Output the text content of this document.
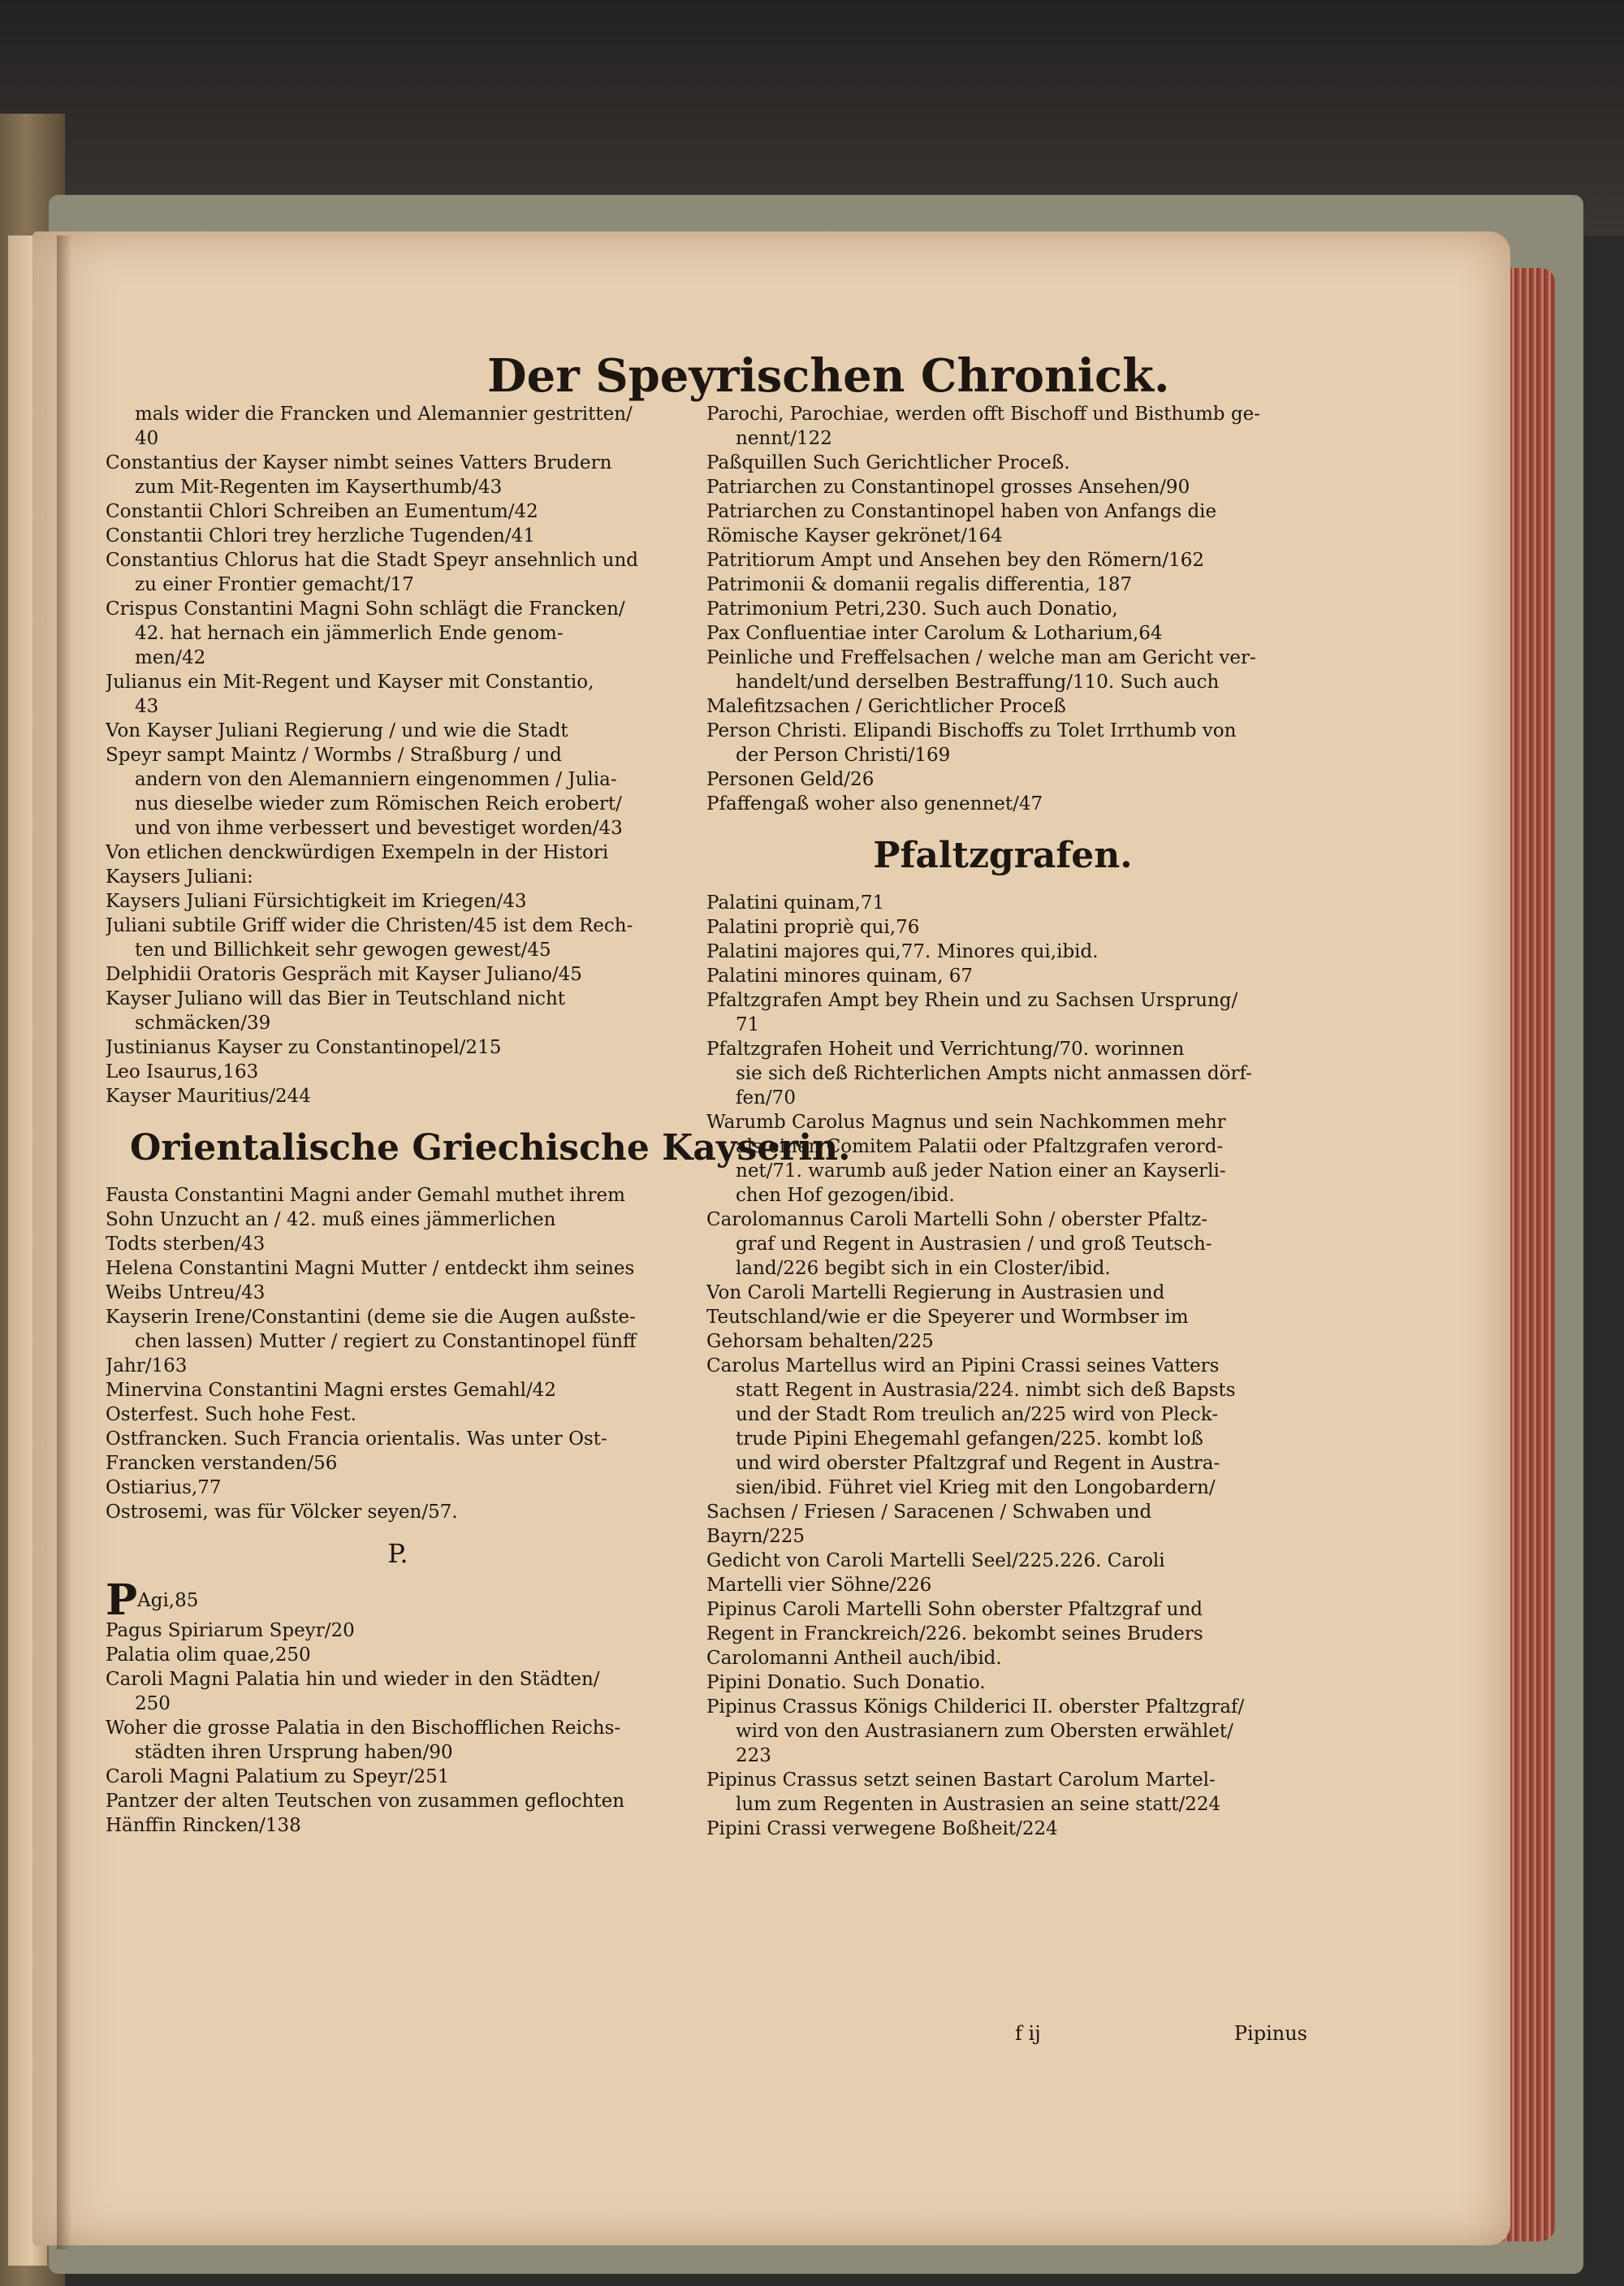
Der Speyrischen Chronick.
mals wider die Francken und Alemannier gestritten/
40
Constantius der Kayser nimbt seines Vatters Brudern
zum Mit-Regenten im Kayserthumb/43
Constantii Chlori Schreiben an Eumentum/42
Constantii Chlori trey herzliche Tugenden/41
Constantius Chlorus hat die Stadt Speyr ansehnlich und
zu einer Frontier gemacht/17
Crispus Constantini Magni Sohn schlägt die Francken/
42. hat hernach ein jämmerlich Ende genom-
men/42
Julianus ein Mit-Regent und Kayser mit Constantio,
43
Von Kayser Juliani Regierung / und wie die Stadt
Speyr sampt Maintz / Wormbs / Straßburg / und
andern von den Alemanniern eingenommen / Julia-
nus dieselbe wieder zum Römischen Reich erobert/
und von ihme verbessert und bevestiget worden/43
Von etlichen denckwürdigen Exempeln in der Histori
Kaysers Juliani:
Kaysers Juliani Fürsichtigkeit im Kriegen/43
Juliani subtile Griff wider die Christen/45 ist dem Rech-
ten und Billichkeit sehr gewogen gewest/45
Delphidii Oratoris Gespräch mit Kayser Juliano/45
Kayser Juliano will das Bier in Teutschland nicht
schmäcken/39
Justinianus Kayser zu Constantinopel/215
Leo Isaurus,163
Kayser Mauritius/244
Orientalische Griechische Kayserin.
Fausta Constantini Magni ander Gemahl muthet ihrem
Sohn Unzucht an / 42. muß eines jämmerlichen
Todts sterben/43
Helena Constantini Magni Mutter / entdeckt ihm seines
Weibs Untreu/43
Kayserin Irene/Constantini (deme sie die Augen außste-
chen lassen) Mutter / regiert zu Constantinopel fünff
Jahr/163
Minervina Constantini Magni erstes Gemahl/42
Osterfest. Such hohe Fest.
Ostfrancken. Such Francia orientalis. Was unter Ost-
Francken verstanden/56
Ostiarius,77
Ostrosemi, was für Völcker seyen/57.
P.
PAgi,85
Pagus Spiriarum Speyr/20
Palatia olim quae,250
Caroli Magni Palatia hin und wieder in den Städten/
250
Woher die grosse Palatia in den Bischofflichen Reichs-
städten ihren Ursprung haben/90
Caroli Magni Palatium zu Speyr/251
Pantzer der alten Teutschen von zusammen geflochten
Hänffin Rincken/138
Parochi, Parochiae, werden offt Bischoff und Bisthumb ge-
nennt/122
Paßquillen Such Gerichtlicher Proceß.
Patriarchen zu Constantinopel grosses Ansehen/90
Patriarchen zu Constantinopel haben von Anfangs die
Römische Kayser gekrönet/164
Patritiorum Ampt und Ansehen bey den Römern/162
Patrimonii & domanii regalis differentia, 187
Patrimonium Petri,230. Such auch Donatio,
Pax Confluentiae inter Carolum & Lotharium,64
Peinliche und Freffelsachen / welche man am Gericht ver-
handelt/und derselben Bestraffung/110. Such auch
Malefitzsachen / Gerichtlicher Proceß
Person Christi. Elipandi Bischoffs zu Tolet Irrthumb von
der Person Christi/169
Personen Geld/26
Pfaffengaß woher also genennet/47
Pfaltzgrafen.
Palatini quinam,71
Palatini propriè qui,76
Palatini majores qui,77. Minores qui,ibid.
Palatini minores quinam, 67
Pfaltzgrafen Ampt bey Rhein und zu Sachsen Ursprung/
71
Pfaltzgrafen Hoheit und Verrichtung/70. worinnen
sie sich deß Richterlichen Ampts nicht anmassen dörf-
fen/70
Warumb Carolus Magnus und sein Nachkommen mehr
als einen Comitem Palatii oder Pfaltzgrafen verord-
net/71. warumb auß jeder Nation einer an Kayserli-
chen Hof gezogen/ibid.
Carolomannus Caroli Martelli Sohn / oberster Pfaltz-
graf und Regent in Austrasien / und groß Teutsch-
land/226 begibt sich in ein Closter/ibid.
Von Caroli Martelli Regierung in Austrasien und
Teutschland/wie er die Speyerer und Wormbser im
Gehorsam behalten/225
Carolus Martellus wird an Pipini Crassi seines Vatters
statt Regent in Austrasia/224. nimbt sich deß Bapsts
und der Stadt Rom treulich an/225 wird von Pleck-
trude Pipini Ehegemahl gefangen/225. kombt loß
und wird oberster Pfaltzgraf und Regent in Austra-
sien/ibid. Führet viel Krieg mit den Longobardern/
Sachsen / Friesen / Saracenen / Schwaben und
Bayrn/225
Gedicht von Caroli Martelli Seel/225.226. Caroli
Martelli vier Söhne/226
Pipinus Caroli Martelli Sohn oberster Pfaltzgraf und
Regent in Franckreich/226. bekombt seines Bruders
Carolomanni Antheil auch/ibid.
Pipini Donatio. Such Donatio.
Pipinus Crassus Königs Childerici II. oberster Pfaltzgraf/
wird von den Austrasianern zum Obersten erwählet/
223
Pipinus Crassus setzt seinen Bastart Carolum Martel-
lum zum Regenten in Austrasien an seine statt/224
Pipini Crassi verwegene Boßheit/224
f ij	Pipinus
